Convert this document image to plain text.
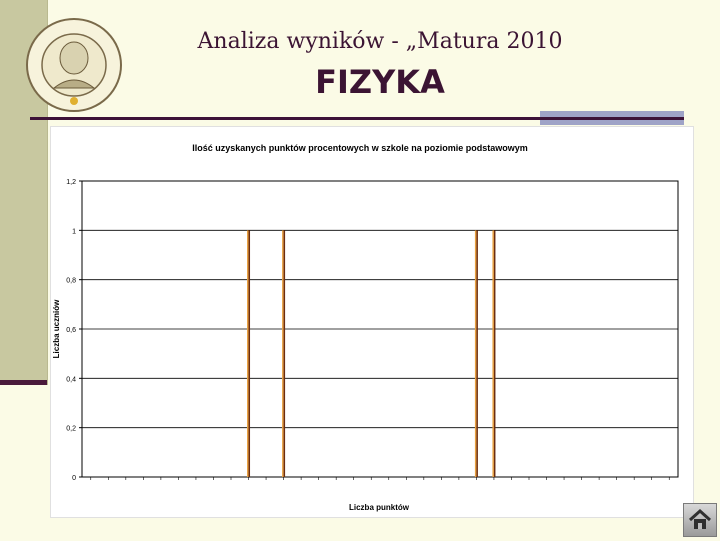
Analiza wyników - „Matura 2010
FIZYKA
Ilość uzyskanych punktów procentowych w szkole na poziomie podstawowym
0
0,2
0,4
0,6
0,8
1
1,2
Liczba uczniów
Liczba punktów
